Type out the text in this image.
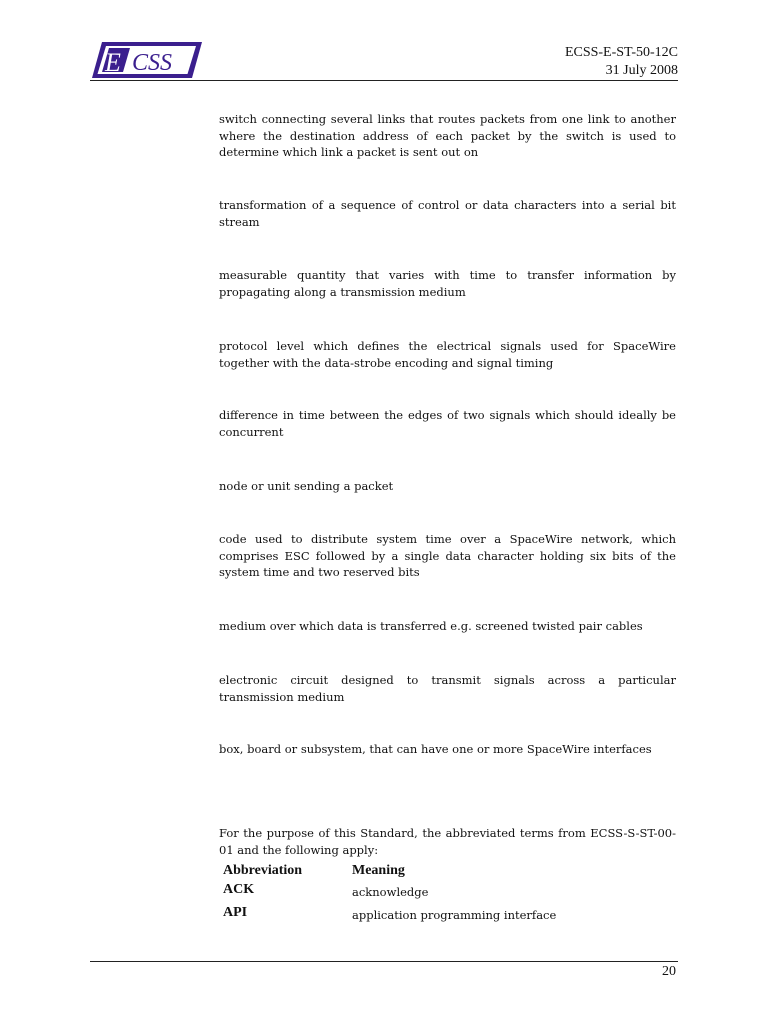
E CSS	ECSS-E-ST-50-12C
31 July 2008
switch connecting several links that routes packets from one link to another where the destination address of each packet by the switch is used to determine which link a packet is sent out on
transformation of a sequence of control or data characters into a serial bit stream
measurable quantity that varies with time to transfer information by propagating along a transmission medium
protocol level which defines the electrical signals used for SpaceWire together with the data-strobe encoding and signal timing
difference in time between the edges of two signals which should ideally be concurrent
node or unit sending a packet
code used to distribute system time over a SpaceWire network, which comprises ESC followed by a single data character holding six bits of the system time and two reserved bits
medium over which data is transferred e.g. screened twisted pair cables
electronic circuit designed to transmit signals across a particular transmission medium
box, board or subsystem, that can have one or more SpaceWire interfaces
For the purpose of this Standard, the abbreviated terms from ECSS-S-ST-00-01 and the following apply:
Abbreviation	Meaning
ACK	acknowledge
API	application programming interface
20
